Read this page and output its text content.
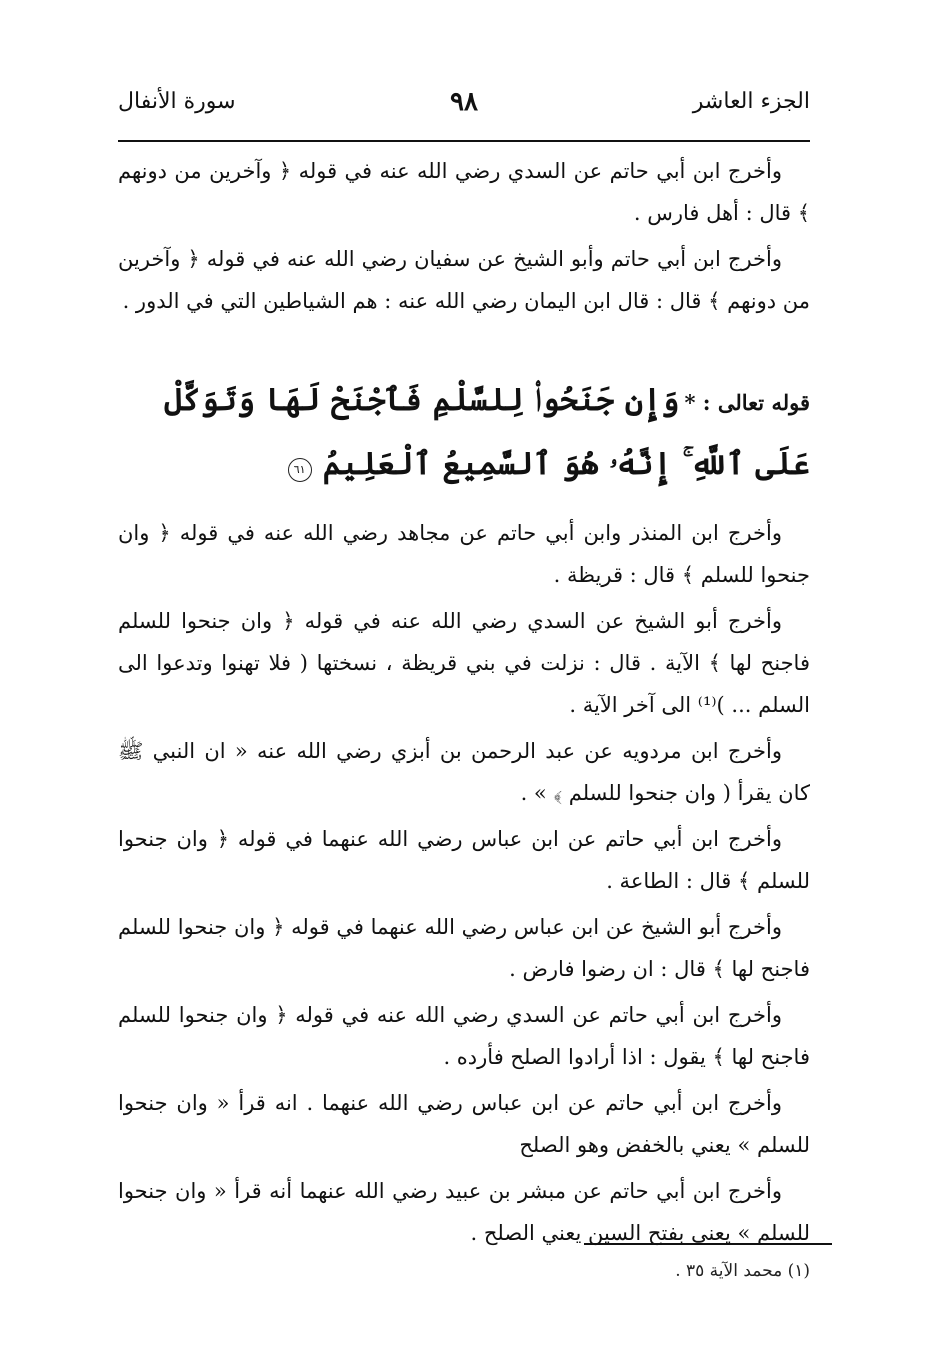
الجزء العاشر
٩٨
سورة الأنفال

وأخرج ابن أبي حاتم عن السدي رضي الله عنه في قوله ﴿ وآخرين من دونهم ﴾ قال : أهل فارس .

وأخرج ابن أبي حاتم وأبو الشيخ عن سفيان رضي الله عنه في قوله ﴿ وآخرين من دونهم ﴾ قال : قال ابن اليمان رضي الله عنه : هم الشياطين التي في الدور .

قوله تعالى : * وَإِن جَنَحُوا۟ لِلسَّلْمِ فَٱجْنَحْ لَهَا وَتَوَكَّلْ عَلَى ٱللَّهِ ۚ إِنَّهُۥ هُوَ ٱلسَّمِيعُ ٱلْعَلِيمُ ٦١

وأخرج ابن المنذر وابن أبي حاتم عن مجاهد رضي الله عنه في قوله ﴿ وان جنحوا للسلم ﴾ قال : قريظة .

وأخرج أبو الشيخ عن السدي رضي الله عنه في قوله ﴿ وان جنحوا للسلم فاجنح لها ﴾ الآية . قال : نزلت في بني قريظة ، نسختها ( فلا تهنوا وتدعوا الى السلم ... )⁽¹⁾ الى آخر الآية .

وأخرج ابن مردويه عن عبد الرحمن بن أبزي رضي الله عنه « ان النبي ﷺ كان يقرأ ( وان جنحوا للسلم ﴾ » .

وأخرج ابن أبي حاتم عن ابن عباس رضي الله عنهما في قوله ﴿ وان جنحوا للسلم ﴾ قال : الطاعة .

وأخرج أبو الشيخ عن ابن عباس رضي الله عنهما في قوله ﴿ وان جنحوا للسلم فاجنح لها ﴾ قال : ان رضوا فارض .

وأخرج ابن أبي حاتم عن السدي رضي الله عنه في قوله ﴿ وان جنحوا للسلم فاجنح لها ﴾ يقول : اذا أرادوا الصلح فأرده .

وأخرج ابن أبي حاتم عن ابن عباس رضي الله عنهما . انه قرأ « وان جنحوا للسلم » يعني بالخفض وهو الصلح

وأخرج ابن أبي حاتم عن مبشر بن عبيد رضي الله عنهما أنه قرأ « وان جنحوا للسلم » يعني بفتح السين يعني الصلح .

(١) محمد الآية ٣٥ .
